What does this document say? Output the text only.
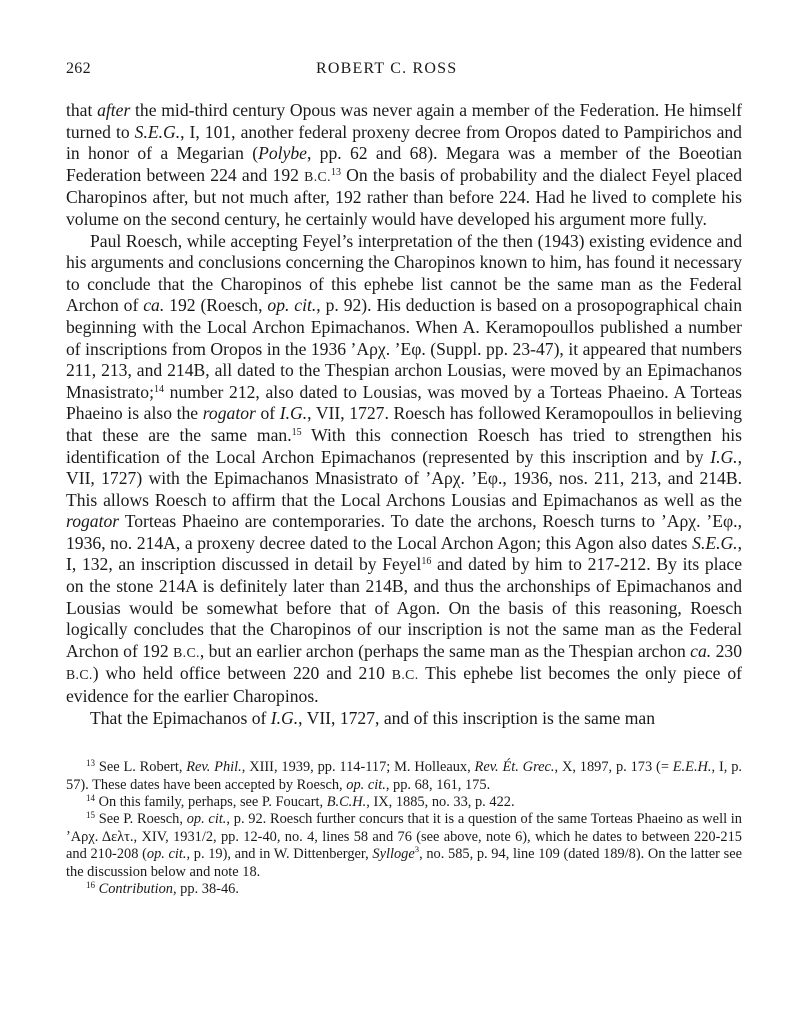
262	ROBERT C. ROSS

that after the mid-third century Opous was never again a member of the Federation. He himself turned to S.E.G., I, 101, another federal proxeny decree from Oropos dated to Pampirichos and in honor of a Megarian (Polybe, pp. 62 and 68). Megara was a member of the Boeotian Federation between 224 and 192 B.C.$^{13}$ On the basis of probability and the dialect Feyel placed Charopinos after, but not much after, 192 rather than before 224. Had he lived to complete his volume on the second century, he certainly would have developed his argument more fully.

Paul Roesch, while accepting Feyel’s interpretation of the then (1943) existing evidence and his arguments and conclusions concerning the Charopinos known to him, has found it necessary to conclude that the Charopinos of this ephebe list cannot be the same man as the Federal Archon of ca. 192 (Roesch, op. cit., p. 92). His deduction is based on a prosopographical chain beginning with the Local Archon Epimachanos. When A. Keramopoullos published a number of inscriptions from Oropos in the 1936 ʼΑρχ. ʼΕφ. (Suppl. pp. 23-47), it appeared that numbers 211, 213, and 214B, all dated to the Thespian archon Lousias, were moved by an Epimachanos Mnasistrato;$^{14}$ number 212, also dated to Lousias, was moved by a Torteas Phaeino. A Torteas Phaeino is also the rogator of I.G., VII, 1727. Roesch has followed Keramopoullos in believing that these are the same man.$^{15}$ With this connection Roesch has tried to strengthen his identification of the Local Archon Epimachanos (represented by this inscription and by I.G., VII, 1727) with the Epimachanos Mnasistrato of ʼΑρχ. ʼΕφ., 1936, nos. 211, 213, and 214B. This allows Roesch to affirm that the Local Archons Lousias and Epimachanos as well as the rogator Torteas Phaeino are contemporaries. To date the archons, Roesch turns to ʼΑρχ. ʼΕφ., 1936, no. 214A, a proxeny decree dated to the Local Archon Agon; this Agon also dates S.E.G., I, 132, an inscription discussed in detail by Feyel$^{16}$ and dated by him to 217-212. By its place on the stone 214A is definitely later than 214B, and thus the archonships of Epimachanos and Lousias would be somewhat before that of Agon. On the basis of this reasoning, Roesch logically concludes that the Charopinos of our inscription is not the same man as the Federal Archon of 192 B.C., but an earlier archon (perhaps the same man as the Thespian archon ca. 230 B.C.) who held office between 220 and 210 B.C. This ephebe list becomes the only piece of evidence for the earlier Charopinos.

That the Epimachanos of I.G., VII, 1727, and of this inscription is the same man

$^{13}$ See L. Robert, Rev. Phil., XIII, 1939, pp. 114-117; M. Holleaux, Rev. Ét. Grec., X, 1897, p. 173 (= E.E.H., I, p. 57). These dates have been accepted by Roesch, op. cit., pp. 68, 161, 175.

$^{14}$ On this family, perhaps, see P. Foucart, B.C.H., IX, 1885, no. 33, p. 422.

$^{15}$ See P. Roesch, op. cit., p. 92. Roesch further concurs that it is a question of the same Torteas Phaeino as well in ʼΑρχ. Δελτ., XIV, 1931/2, pp. 12-40, no. 4, lines 58 and 76 (see above, note 6), which he dates to between 220-215 and 210-208 (op. cit., p. 19), and in W. Dittenberger, Sylloge$^3$, no. 585, p. 94, line 109 (dated 189/8). On the latter see the discussion below and note 18.

$^{16}$ Contribution, pp. 38-46.
